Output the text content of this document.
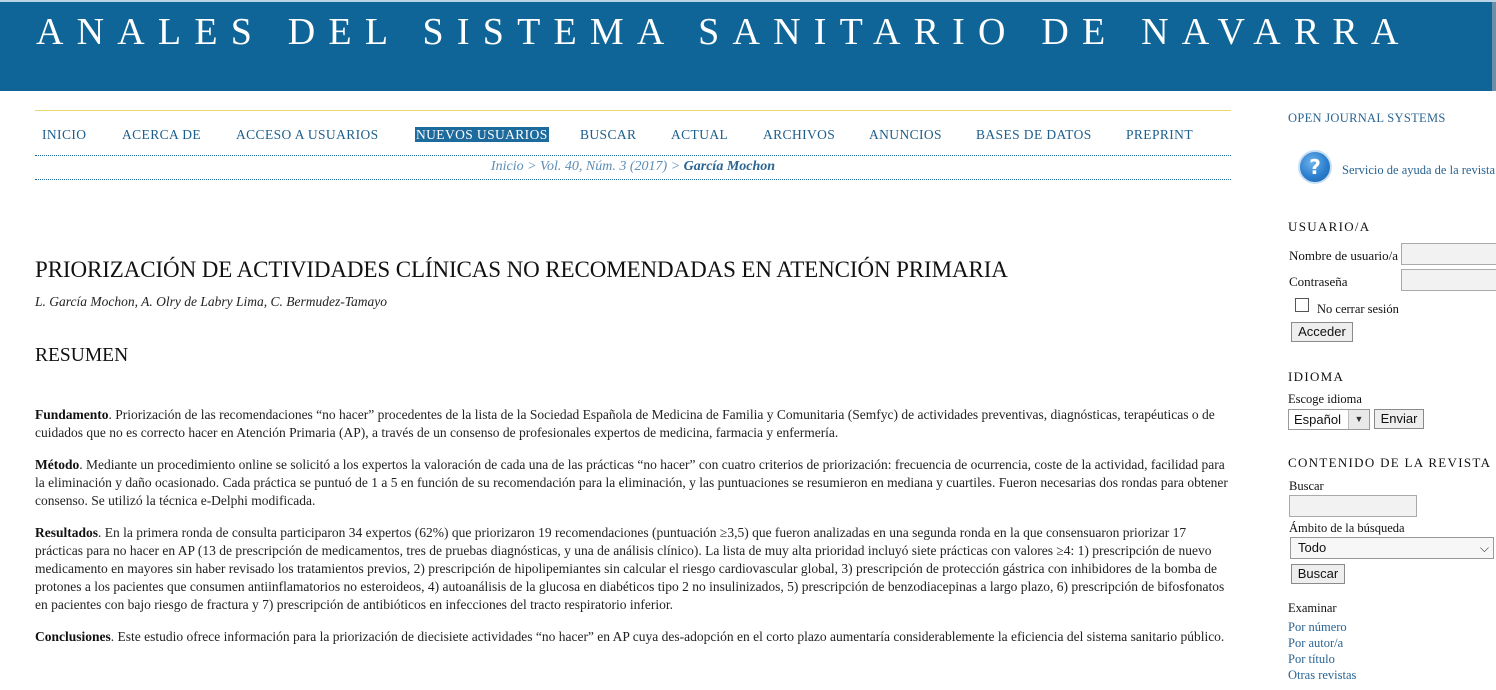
ANALES DEL SISTEMA SANITARIO DE NAVARRA
INICIO	ACERCA DE	ACCESO A USUARIOS	NUEVOS USUARIOS BUSCAR	ACTUAL	ARCHIVOS	ANUNCIOS	BASES DE DATOS	PREPRINT
Inicio > Vol. 40, Núm. 3 (2017) > García Mochon
PRIORIZACIÓN DE ACTIVIDADES CLÍNICAS NO RECOMENDADAS EN ATENCIÓN PRIMARIA
L. García Mochon, A. Olry de Labry Lima, C. Bermudez-Tamayo
RESUMEN

Fundamento. Priorización de las recomendaciones “no hacer” procedentes de la lista de la Sociedad Española de Medicina de Familia y Comunitaria (Semfyc) de actividades preventivas, diagnósticas, terapéuticas o de cuidados que no es correcto hacer en Atención Primaria (AP), a través de un consenso de profesionales expertos de medicina, farmacia y enfermería.

Método. Mediante un procedimiento online se solicitó a los expertos la valoración de cada una de las prácticas “no hacer” con cuatro criterios de priorización: frecuencia de ocurrencia, coste de la actividad, facilidad para la eliminación y daño ocasionado. Cada práctica se puntuó de 1 a 5 en función de su recomendación para la eliminación, y las puntuaciones se resumieron en mediana y cuartiles. Fueron necesarias dos rondas para obtener consenso. Se utilizó la técnica e-Delphi modificada.

Resultados. En la primera ronda de consulta participaron 34 expertos (62%) que priorizaron 19 recomendaciones (puntuación ≥3,5) que fueron analizadas en una segunda ronda en la que consensuaron priorizar 17 prácticas para no hacer en AP (13 de prescripción de medicamentos, tres de pruebas diagnósticas, y una de análisis clínico). La lista de muy alta prioridad incluyó siete prácticas con valores ≥4: 1) prescripción de nuevo medicamento en mayores sin haber revisado los tratamientos previos, 2) prescripción de hipolipemiantes sin calcular el riesgo cardiovascular global, 3) prescripción de protección gástrica con inhibidores de la bomba de protones a los pacientes que consumen antiinflamatorios no esteroideos, 4) autoanálisis de la glucosa en diabéticos tipo 2 no insulinizados, 5) prescripción de benzodiacepinas a largo plazo, 6) prescripción de bifosfonatos en pacientes con bajo riesgo de fractura y 7) prescripción de antibióticos en infecciones del tracto respiratorio inferior.

Conclusiones. Este estudio ofrece información para la priorización de diecisiete actividades “no hacer” en AP cuya des-adopción en el corto plazo aumentaría considerablemente la eficiencia del sistema sanitario público.

OPEN JOURNAL SYSTEMS
?	Servicio de ayuda de la revista
USUARIO/A
Nombre de usuario/a
Contraseña
No cerrar sesión
Acceder
IDIOMA
Escoge idioma
Español	▼	Enviar
CONTENIDO DE LA REVISTA
Buscar
Ámbito de la búsqueda
Todo	⌵
Buscar
Examinar
Por número
Por autor/a
Por título
Otras revistas
